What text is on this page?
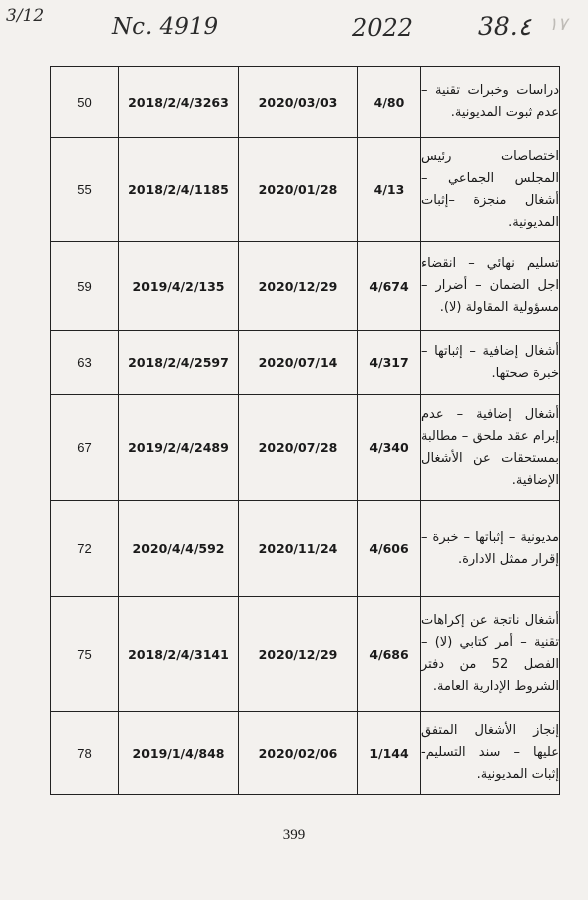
3/12	Nc. 4919	2022	38.٤ ١٧
50	2018/2/4/3263	2020/03/03	4/80	دراسات وخبرات تقنية – عدم ثبوت المديونية.
55	2018/2/4/1185	2020/01/28	4/13	اختصاصات رئيس المجلس الجماعي – أشغال منجزة –إثبات المديونية.
59	2019/4/2/135	2020/12/29	4/674	تسليم نهائي – انقضاء اجل الضمان – أضرار – مسؤولية المقاولة (لا).
63	2018/2/4/2597	2020/07/14	4/317	أشغال إضافية – إثباتها – خبرة صحتها.
67	2019/2/4/2489	2020/07/28	4/340	أشغال إضافية – عدم إبرام عقد ملحق – مطالبة بمستحقات عن الأشغال الإضافية.
72	2020/4/4/592	2020/11/24	4/606	مديونية – إثباتها – خبرة – إقرار ممثل الادارة.
75	2018/2/4/3141	2020/12/29	4/686	أشغال ناتجة عن إكراهات تقنية – أمر كتابي (لا) – الفصل 52 من دفتر الشروط الإدارية العامة.
78	2019/1/4/848	2020/02/06	1/144	إنجاز الأشغال المتفق عليها – سند التسليم- إثبات المديونية.
399
